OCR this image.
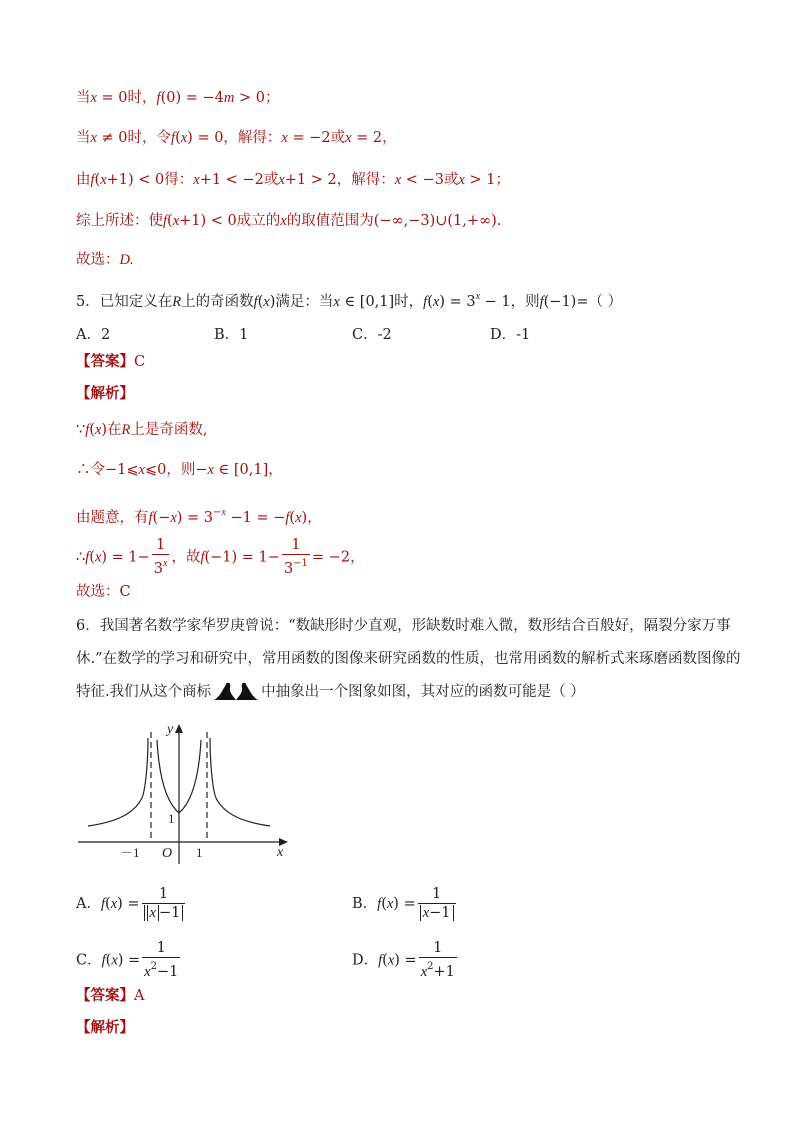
当x = 0时，f(0) = −4m > 0；
当x ≠ 0时，令f(x) = 0，解得：x = −2或x = 2，
由f(x+1) < 0得：x+1 < −2或x+1 > 2，解得：x < −3或x > 1；
综上所述：使f(x+1) < 0成立的x的取值范围为(−∞,−3)∪(1,+∞).
故选：D.
5．已知定义在R上的奇函数f(x)满足：当x ∈ [0,1]时，$f(x) = 3^x - 1$，则f(−1)=（ ）
A．2	B．1	C．-2	D．-1
【答案】C
【解析】
∵f(x)在R上是奇函数,
∴令−1⩽x⩽0，则−x ∈ [0,1]，
由题意，有$f(-x) = 3^{-x} -1 = -f(x)$，
∴f(x) = $1- \frac{1}{3^x}$ ，故$f(-1) = 1- \frac{1}{3^{-1}} = -2$，
故选：C
6．我国著名数学家华罗庚曾说：“数缺形时少直观，形缺数时难入微，数形结合百般好，隔裂分家万事
休.”在数学的学习和研究中，常用函数的图像来研究函数的性质，也常用函数的解析式来琢磨函数图像的
特征.我们从这个商标	中抽象出一个图象如图，其对应的函数可能是（ ）
y
x
O
1
－1	1
A．$f(x) = \frac{1}{x -1}$	B．$f(x) = \frac{1}{x-1}$
C．$f(x) = \frac{1}{x^2-1}$	D．$f(x) = \frac{1}{x^2+1}$
【答案】A
【解析】
